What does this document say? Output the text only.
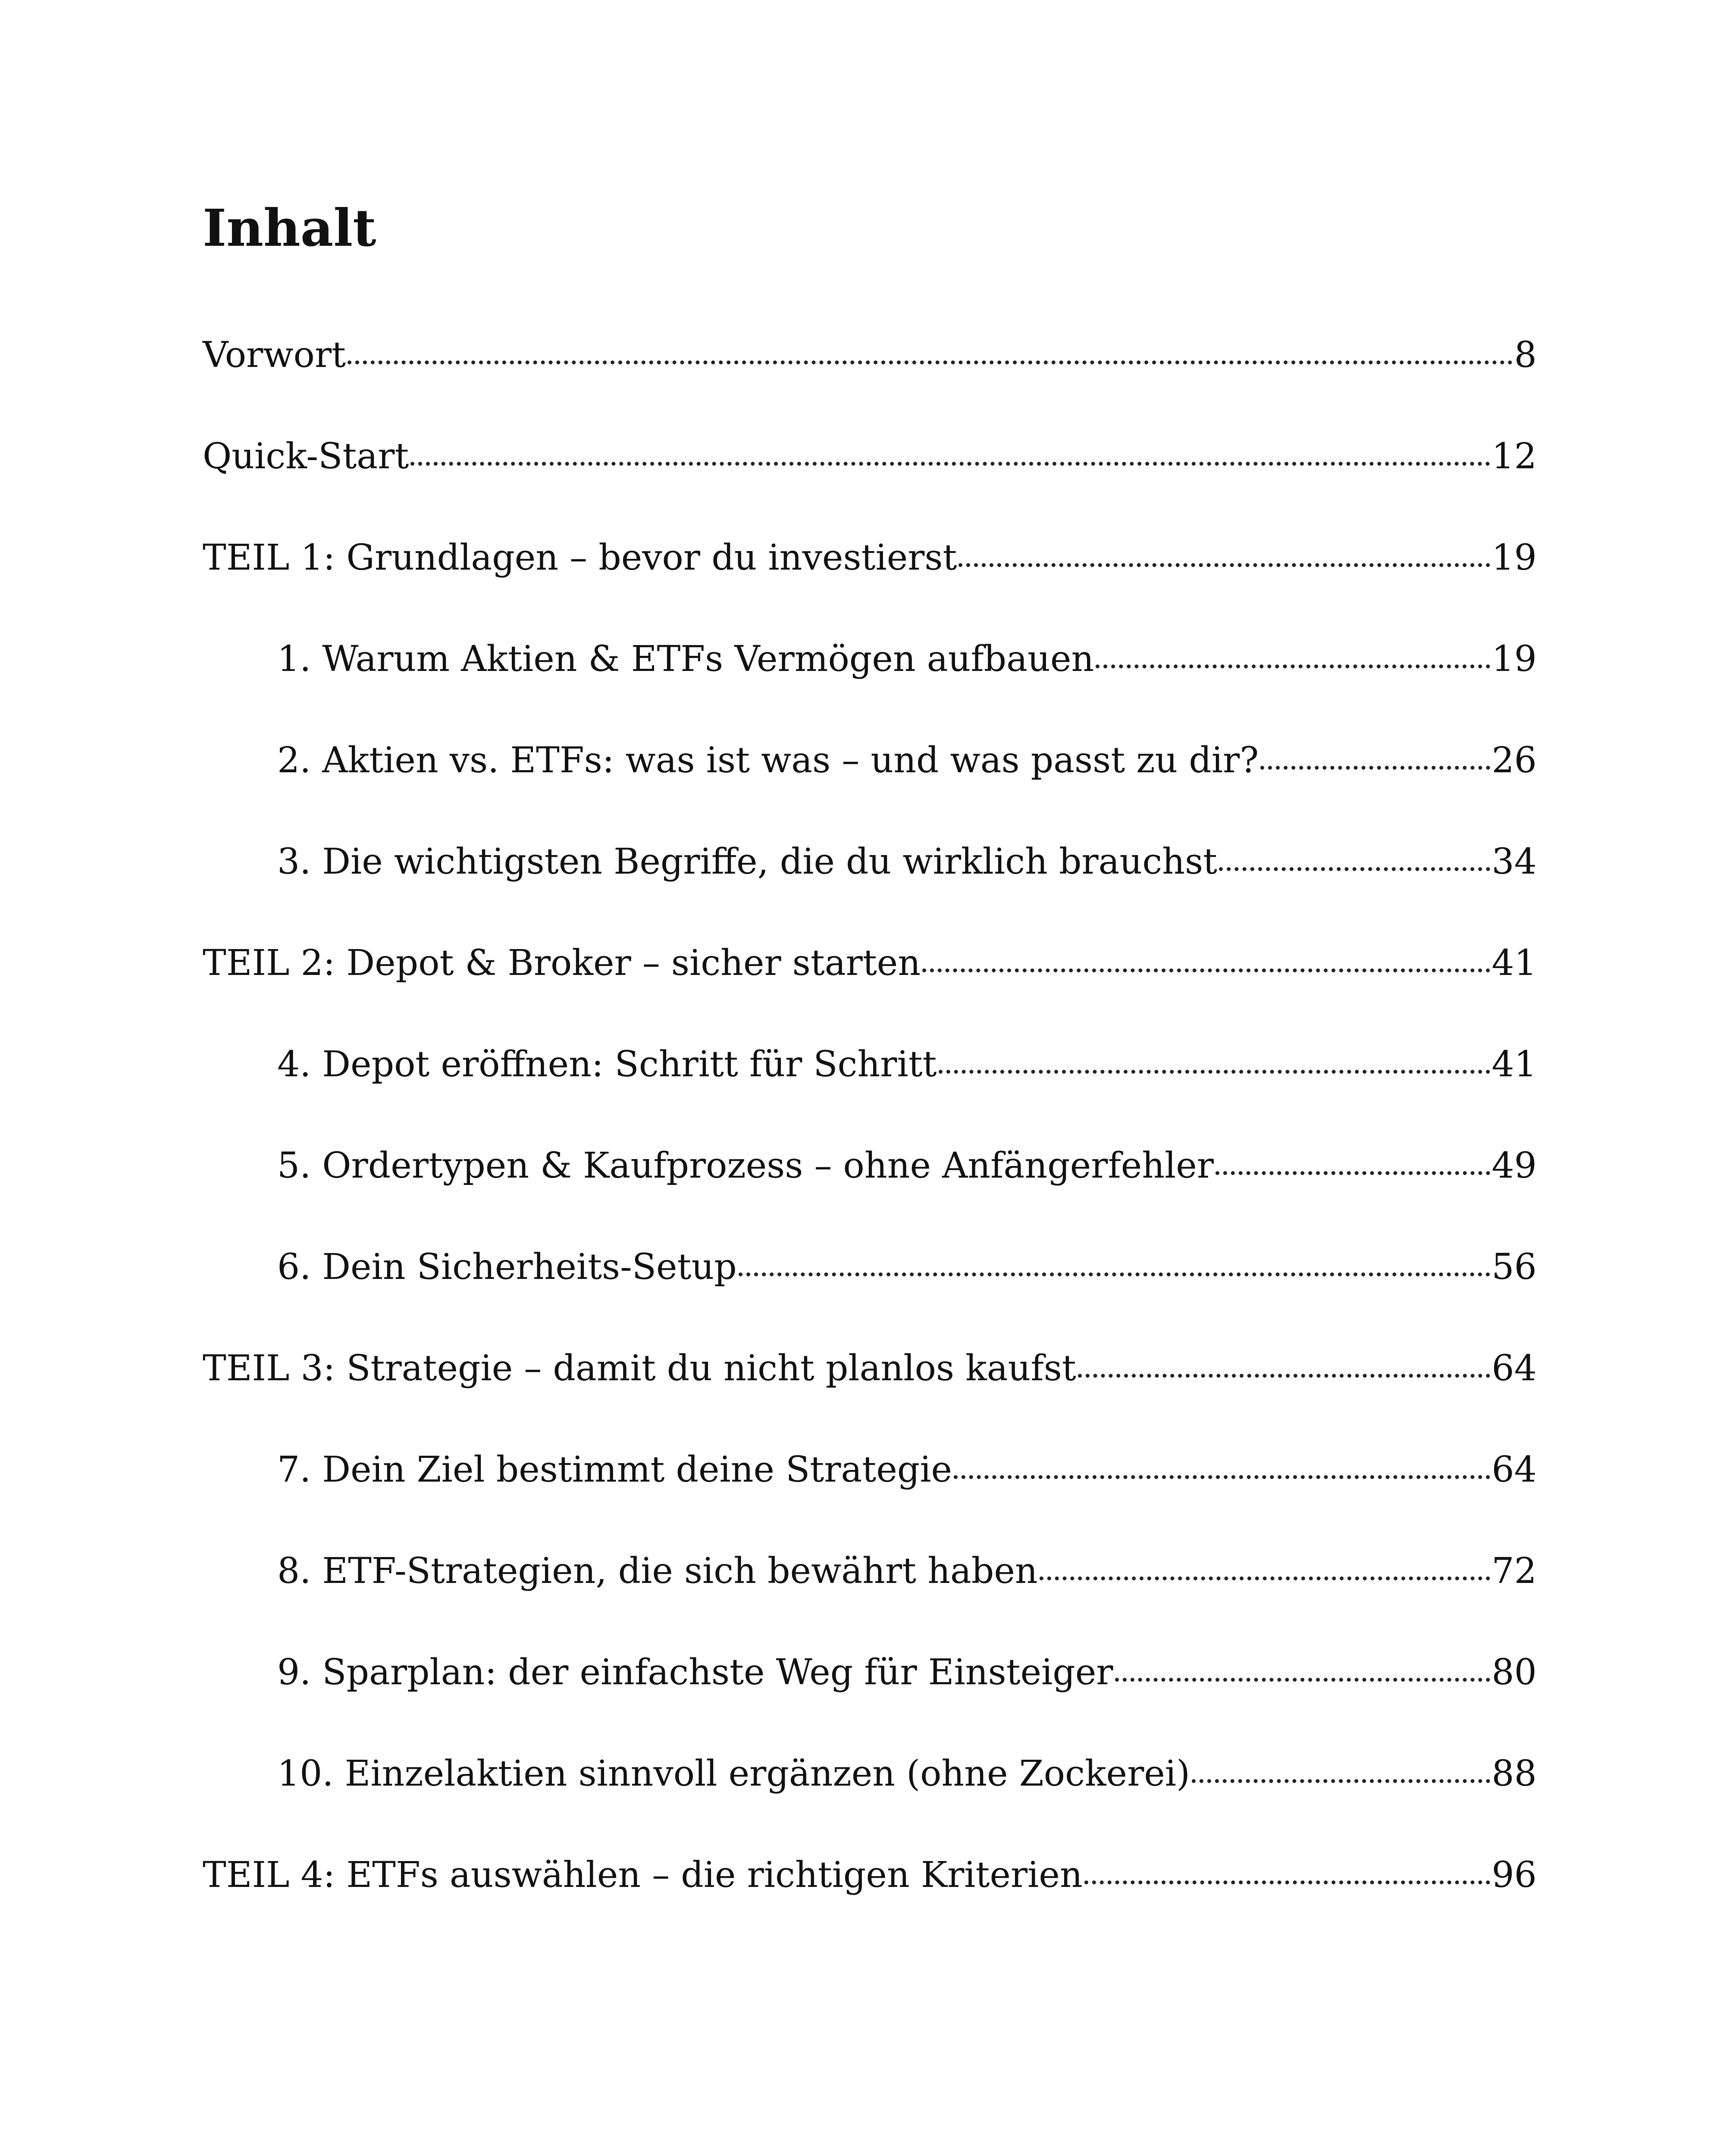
Inhalt
Vorwort	8
Quick-Start	12
TEIL 1: Grundlagen – bevor du investierst	19
1. Warum Aktien & ETFs Vermögen aufbauen	19
2. Aktien vs. ETFs: was ist was – und was passt zu dir?	26
3. Die wichtigsten Begriffe, die du wirklich brauchst	34
TEIL 2: Depot & Broker – sicher starten	41
4. Depot eröffnen: Schritt für Schritt	41
5. Ordertypen & Kaufprozess – ohne Anfängerfehler	49
6. Dein Sicherheits-Setup	56
TEIL 3: Strategie – damit du nicht planlos kaufst	64
7. Dein Ziel bestimmt deine Strategie	64
8. ETF-Strategien, die sich bewährt haben	72
9. Sparplan: der einfachste Weg für Einsteiger	80
10. Einzelaktien sinnvoll ergänzen (ohne Zockerei)	88
TEIL 4: ETFs auswählen – die richtigen Kriterien	96
